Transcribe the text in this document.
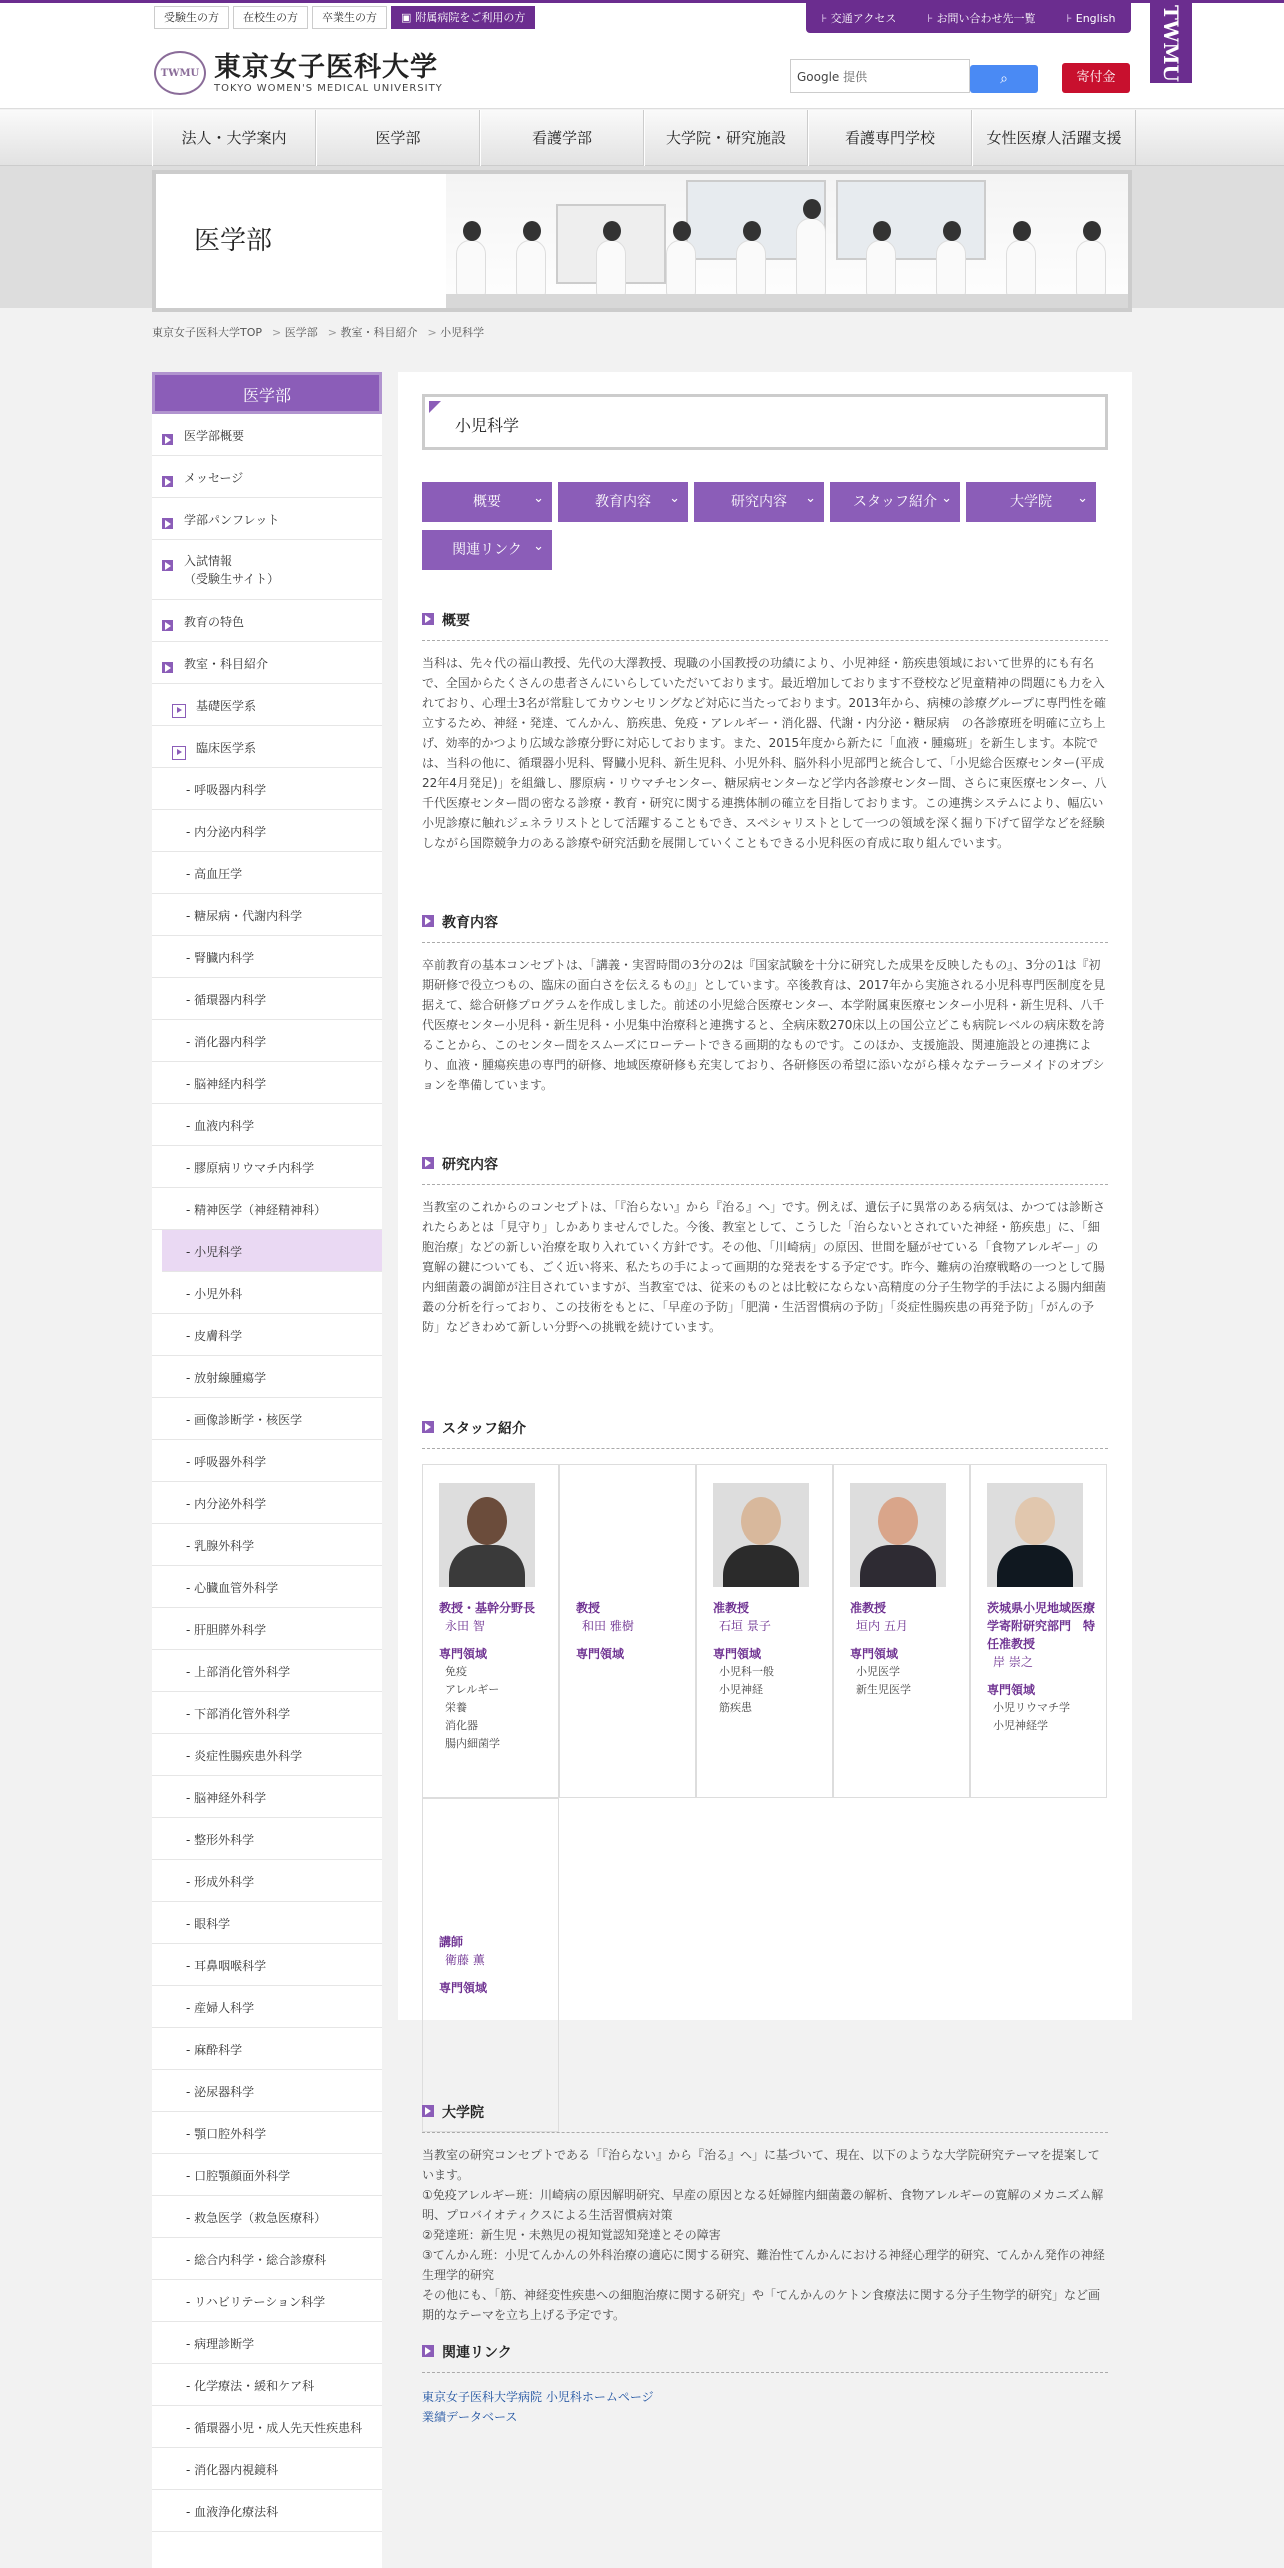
受験生の方	在校生の方	卒業生の方	▣ 附属病院をご利用の方	⊦ 交通アクセス	⊦ お問い合わせ先一覧	⊦ English	TWMU
TWMU 東京女子医科大学
TOKYO WOMEN'S MEDICAL UNIVERSITY
Google 提供	⌕	寄付金
法人・大学案内	医学部	看護学部	大学院・研究施設	看護専門学校	女性医療人活躍支援
医学部
東京女子医科大学TOP	> 医学部	> 教室・科目紹介	> 小児科学
医学部
医学部概要
メッセージ
学部パンフレット
入試情報
（受験生サイト）
教育の特色
教室・科目紹介
基礎医学系
臨床医学系
- 呼吸器内科学
- 内分泌内科学
- 高血圧学
- 糖尿病・代謝内科学
- 腎臓内科学
- 循環器内科学
- 消化器内科学
- 脳神経内科学
- 血液内科学
- 膠原病リウマチ内科学
- 精神医学（神経精神科）
- 小児科学
- 小児外科
- 皮膚科学
- 放射線腫瘍学
- 画像診断学・核医学
- 呼吸器外科学
- 内分泌外科学
- 乳腺外科学
- 心臓血管外科学
- 肝胆膵外科学
- 上部消化管外科学
- 下部消化管外科学
- 炎症性腸疾患外科学
- 脳神経外科学
- 整形外科学
- 形成外科学
- 眼科学
- 耳鼻咽喉科学
- 産婦人科学
- 麻酔科学
- 泌尿器科学
- 顎口腔外科学
- 口腔顎顔面外科学
- 救急医学（救急医療科）
- 総合内科学・総合診療科
- リハビリテーション科学
- 病理診断学
- 化学療法・緩和ケア科
- 循環器小児・成人先天性疾患科
- 消化器内視鏡科
- 血液浄化療法科
小児科学
概要 ⌄	教育内容 ⌄	研究内容 ⌄	スタッフ紹介 ⌄	大学院 ⌄
関連リンク ⌄
概要

当科は、先々代の福山教授、先代の大澤教授、現職の小国教授の功績により、小児神経・筋疾患領域において世界的にも有名で、全国からたくさんの患者さんにいらしていただいております。最近増加しております不登校など児童精神の問題にも力を入れており、心理士3名が常駐してカウンセリングなど対応に当たっております。2013年から、病棟の診療グループに専門性を確立するため、神経・発達、てんかん、筋疾患、免疫・アレルギー・消化器、代謝・内分泌・糖尿病　の各診療班を明確に立ち上げ、効率的かつより広域な診療分野に対応しております。また、2015年度から新たに「血液・腫瘍班」を新生します。本院では、当科の他に、循環器小児科、腎臓小児科、新生児科、小児外科、脳外科小児部門と統合して、「小児総合医療センター(平成22年4月発足)」を組織し、膠原病・リウマチセンター、糖尿病センターなど学内各診療センター間、さらに東医療センター、八千代医療センター間の密なる診療・教育・研究に関する連携体制の確立を目指しております。この連携システムにより、幅広い小児診療に触れジェネラリストとして活躍することもでき、スペシャリストとして一つの領域を深く掘り下げて留学などを経験しながら国際競争力のある診療や研究活動を展開していくこともできる小児科医の育成に取り組んでいます。

教育内容

卒前教育の基本コンセプトは、「講義・実習時間の3分の2は『国家試験を十分に研究した成果を反映したもの』、3分の1は『初期研修で役立つもの、臨床の面白さを伝えるもの』」としています。卒後教育は、2017年から実施される小児科専門医制度を見据えて、総合研修プログラムを作成しました。前述の小児総合医療センター、本学附属東医療センター小児科・新生児科、八千代医療センター小児科・新生児科・小児集中治療科と連携すると、全病床数270床以上の国公立どこも病院レベルの病床数を誇ることから、このセンター間をスムーズにローテートできる画期的なものです。このほか、支援施設、関連施設との連携により、血液・腫瘍疾患の専門的研修、地域医療研修も充実しており、各研修医の希望に添いながら様々なテーラーメイドのオプションを準備しています。

研究内容

当教室のこれからのコンセプトは、「『治らない』から『治る』へ」です。例えば、遺伝子に異常のある病気は、かつては診断されたらあとは「見守り」しかありませんでした。今後、教室として、こうした「治らないとされていた神経・筋疾患」に、「細胞治療」などの新しい治療を取り入れていく方針です。その他、「川崎病」の原因、世間を騒がせている「食物アレルギー」の寛解の鍵についても、ごく近い将来、私たちの手によって画期的な発表をする予定です。昨今、難病の治療戦略の一つとして腸内細菌叢の調節が注目されていますが、当教室では、従来のものとは比較にならない高精度の分子生物学的手法による腸内細菌叢の分析を行っており、この技術をもとに、「早産の予防」「肥満・生活習慣病の予防」「炎症性腸疾患の再発予防」「がんの予防」などきわめて新しい分野への挑戦を続けています。

スタッフ紹介
教授・基幹分野長
永田 智
専門領域
免疫
アレルギー
栄養
消化器
腸内細菌学
教授
和田 雅樹
専門領域
准教授
石垣 景子
専門領域
小児科一般
小児神経
筋疾患
准教授
垣内 五月
専門領域
小児医学
新生児医学
茨城県小児地域医療学寄附研究部門　特任准教授
岸 崇之
専門領域
小児リウマチ学
小児神経学
講師
衛藤 薫
専門領域
大学院

当教室の研究コンセプトである「『治らない』から『治る』へ」に基づいて、現在、以下のような大学院研究テーマを提案しています。
①免疫アレルギー班：川崎病の原因解明研究、早産の原因となる妊婦腟内細菌叢の解析、食物アレルギーの寛解のメカニズム解明、プロバイオティクスによる生活習慣病対策
②発達班：新生児・未熟児の視知覚認知発達とその障害
③てんかん班：小児てんかんの外科治療の適応に関する研究、難治性てんかんにおける神経心理学的研究、てんかん発作の神経生理学的研究
その他にも、「筋、神経変性疾患への細胞治療に関する研究」や「てんかんのケトン食療法に関する分子生物学的研究」など画期的なテーマを立ち上げる予定です。

関連リンク
東京女子医科大学病院 小児科ホームページ
業績データベース
